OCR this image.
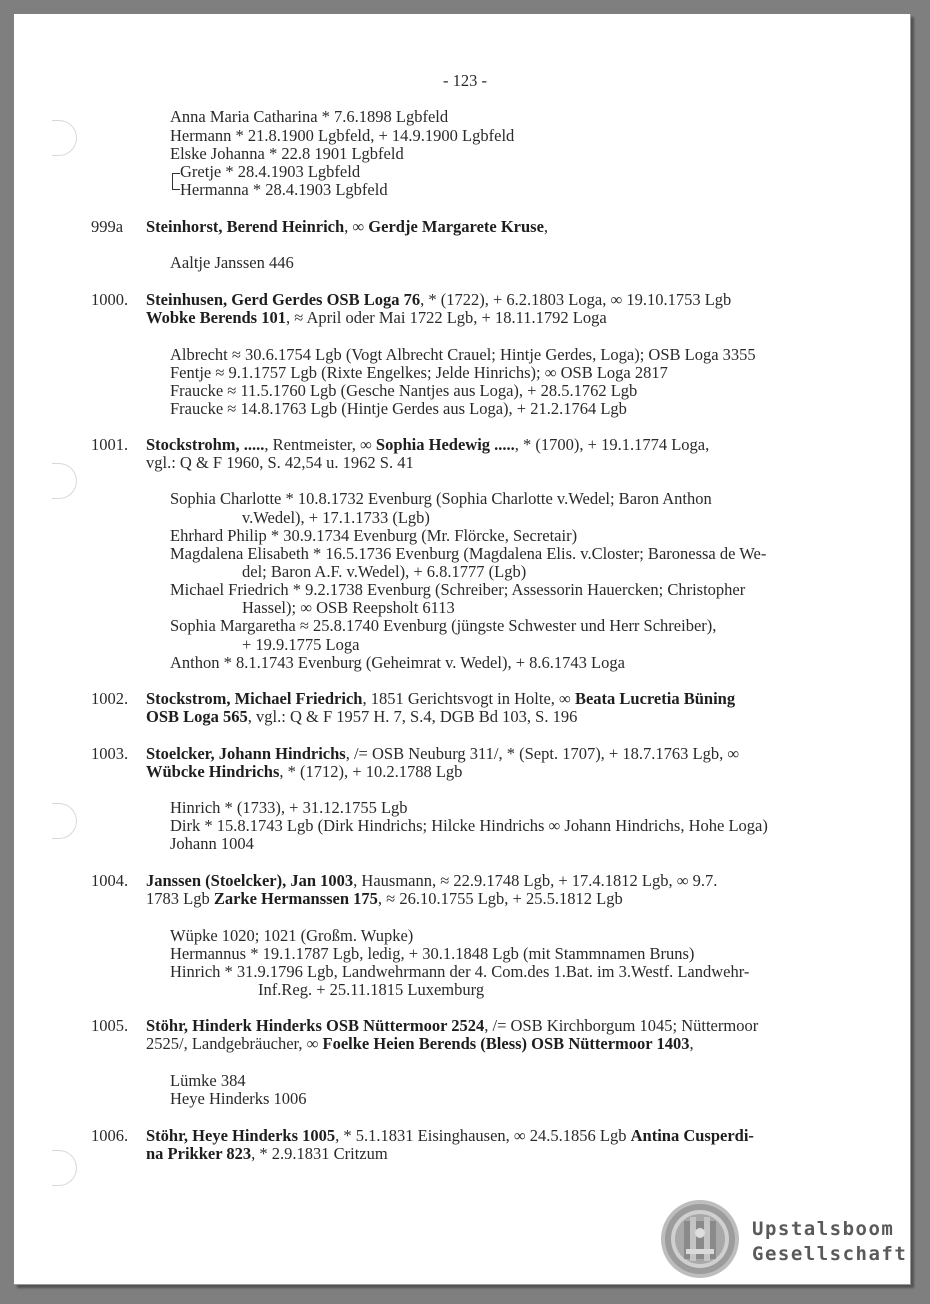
- 123 -
Anna Maria Catharina * 7.6.1898 Lgbfeld
Hermann * 21.8.1900 Lgbfeld, + 14.9.1900 Lgbfeld
Elske Johanna * 22.8 1901 Lgbfeld
Gretje * 28.4.1903 Lgbfeld
Hermanna * 28.4.1903 Lgbfeld
999a Steinhorst, Berend Heinrich, ∞ Gerdje Margarete Kruse,
Aaltje Janssen 446
1000. Steinhusen, Gerd Gerdes OSB Loga 76, * (1722), + 6.2.1803 Loga, ∞ 19.10.1753 Lgb
Wobke Berends 101, ≈ April oder Mai 1722 Lgb, + 18.11.1792 Loga
Albrecht ≈ 30.6.1754 Lgb (Vogt Albrecht Crauel; Hintje Gerdes, Loga); OSB Loga 3355
Fentje ≈ 9.1.1757 Lgb (Rixte Engelkes; Jelde Hinrichs); ∞ OSB Loga 2817
Fraucke ≈ 11.5.1760 Lgb (Gesche Nantjes aus Loga), + 28.5.1762 Lgb
Fraucke ≈ 14.8.1763 Lgb (Hintje Gerdes aus Loga), + 21.2.1764 Lgb
1001. Stockstrohm, ....., Rentmeister, ∞ Sophia Hedewig ....., * (1700), + 19.1.1774 Loga,
vgl.: Q & F 1960, S. 42,54 u. 1962 S. 41
Sophia Charlotte * 10.8.1732 Evenburg (Sophia Charlotte v.Wedel; Baron Anthon
v.Wedel), + 17.1.1733 (Lgb)
Ehrhard Philip * 30.9.1734 Evenburg (Mr. Flörcke, Secretair)
Magdalena Elisabeth * 16.5.1736 Evenburg (Magdalena Elis. v.Closter; Baronessa de We-
del; Baron A.F. v.Wedel), + 6.8.1777 (Lgb)
Michael Friedrich * 9.2.1738 Evenburg (Schreiber; Assessorin Hauercken; Christopher
Hassel); ∞ OSB Reepsholt 6113
Sophia Margaretha ≈ 25.8.1740 Evenburg (jüngste Schwester und Herr Schreiber),
+ 19.9.1775 Loga
Anthon * 8.1.1743 Evenburg (Geheimrat v. Wedel), + 8.6.1743 Loga
1002. Stockstrom, Michael Friedrich, 1851 Gerichtsvogt in Holte, ∞ Beata Lucretia Büning
OSB Loga 565, vgl.: Q & F 1957 H. 7, S.4, DGB Bd 103, S. 196
1003. Stoelcker, Johann Hindrichs, /= OSB Neuburg 311/, * (Sept. 1707), + 18.7.1763 Lgb, ∞
Wübcke Hindrichs, * (1712), + 10.2.1788 Lgb
Hinrich * (1733), + 31.12.1755 Lgb
Dirk * 15.8.1743 Lgb (Dirk Hindrichs; Hilcke Hindrichs ∞ Johann Hindrichs, Hohe Loga)
Johann 1004
1004. Janssen (Stoelcker), Jan 1003, Hausmann, ≈ 22.9.1748 Lgb, + 17.4.1812 Lgb, ∞ 9.7.
1783 Lgb Zarke Hermanssen 175, ≈ 26.10.1755 Lgb, + 25.5.1812 Lgb
Wüpke 1020; 1021 (Großm. Wupke)
Hermannus * 19.1.1787 Lgb, ledig, + 30.1.1848 Lgb (mit Stammnamen Bruns)
Hinrich * 31.9.1796 Lgb, Landwehrmann der 4. Com.des 1.Bat. im 3.Westf. Landwehr-
Inf.Reg. + 25.11.1815 Luxemburg
1005. Stöhr, Hinderk Hinderks OSB Nüttermoor 2524, /= OSB Kirchborgum 1045; Nüttermoor
2525/, Landgebräucher, ∞ Foelke Heien Berends (Bless) OSB Nüttermoor 1403,
Lümke 384
Heye Hinderks 1006
1006. Stöhr, Heye Hinderks 1005, * 5.1.1831 Eisinghausen, ∞ 24.5.1856 Lgb Antina Cusperdi-
na Prikker 823, * 2.9.1831 Critzum
Upstalsboom
Gesellschaft
